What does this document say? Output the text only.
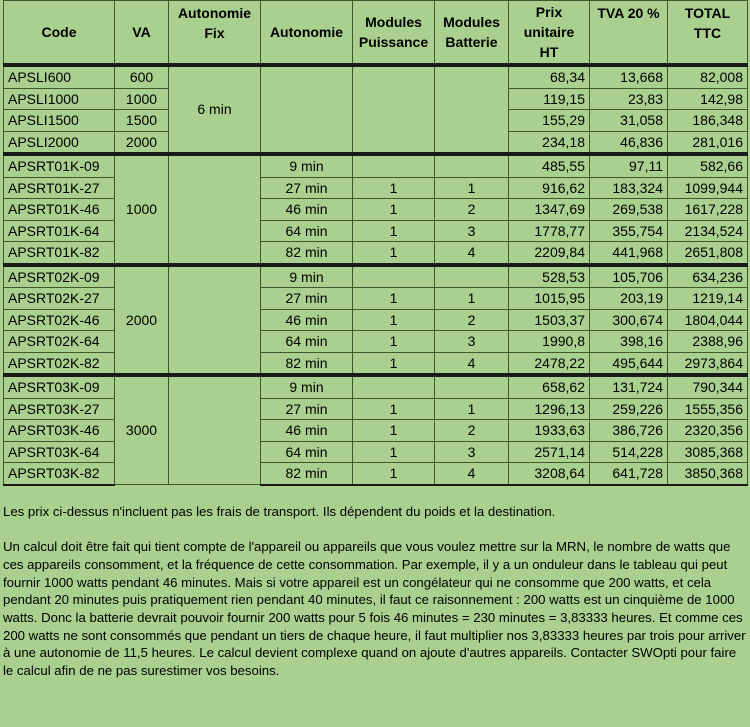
Code	VA	Autonomie Fix	Autonomie	Modules Puissance	Modules Batterie	Prix unitaire HT	TVA 20 %	TOTAL TTC
APSLI600	600	6 min				68,34	13,668	82,008
APSLI1000	1000					119,15	23,83	142,98
APSLI1500	1500					155,29	31,058	186,348
APSLI2000	2000					234,18	46,836	281,016
APSRT01K-09	1000		9 min			485,55	97,11	582,66
APSRT01K-27			27 min	1	1	916,62	183,324	1099,944
APSRT01K-46			46 min	1	2	1347,69	269,538	1617,228
APSRT01K-64			64 min	1	3	1778,77	355,754	2134,524
APSRT01K-82			82 min	1	4	2209,84	441,968	2651,808
APSRT02K-09	2000		9 min			528,53	105,706	634,236
APSRT02K-27			27 min	1	1	1015,95	203,19	1219,14
APSRT02K-46			46 min	1	2	1503,37	300,674	1804,044
APSRT02K-64			64 min	1	3	1990,8	398,16	2388,96
APSRT02K-82			82 min	1	4	2478,22	495,644	2973,864
APSRT03K-09	3000		9 min			658,62	131,724	790,344
APSRT03K-27			27 min	1	1	1296,13	259,226	1555,356
APSRT03K-46			46 min	1	2	1933,63	386,726	2320,356
APSRT03K-64			64 min	1	3	2571,14	514,228	3085,368
APSRT03K-82			82 min	1	4	3208,64	641,728	3850,368

Les prix ci-dessus n'incluent pas les frais de transport. Ils dépendent du poids et la destination.

Un calcul doit être fait qui tient compte de l'appareil ou appareils que vous voulez mettre sur la MRN, le nombre de watts que ces appareils consomment, et la fréquence de cette consommation. Par exemple, il y a un onduleur dans le tableau qui peut fournir 1000 watts pendant 46 minutes. Mais si votre appareil est un congélateur qui ne consomme que 200 watts, et cela pendant 20 minutes puis pratiquement rien pendant 40 minutes, il faut ce raisonnement : 200 watts est un cinquième de 1000 watts. Donc la batterie devrait pouvoir fournir 200 watts pour 5 fois 46 minutes = 230 minutes = 3,83333 heures. Et comme ces 200 watts ne sont consommés que pendant un tiers de chaque heure, il faut multiplier nos 3,83333 heures par trois pour arriver à une autonomie de 11,5 heures. Le calcul devient complexe quand on ajoute d'autres appareils. Contacter SWOpti pour faire le calcul afin de ne pas surestimer vos besoins.
